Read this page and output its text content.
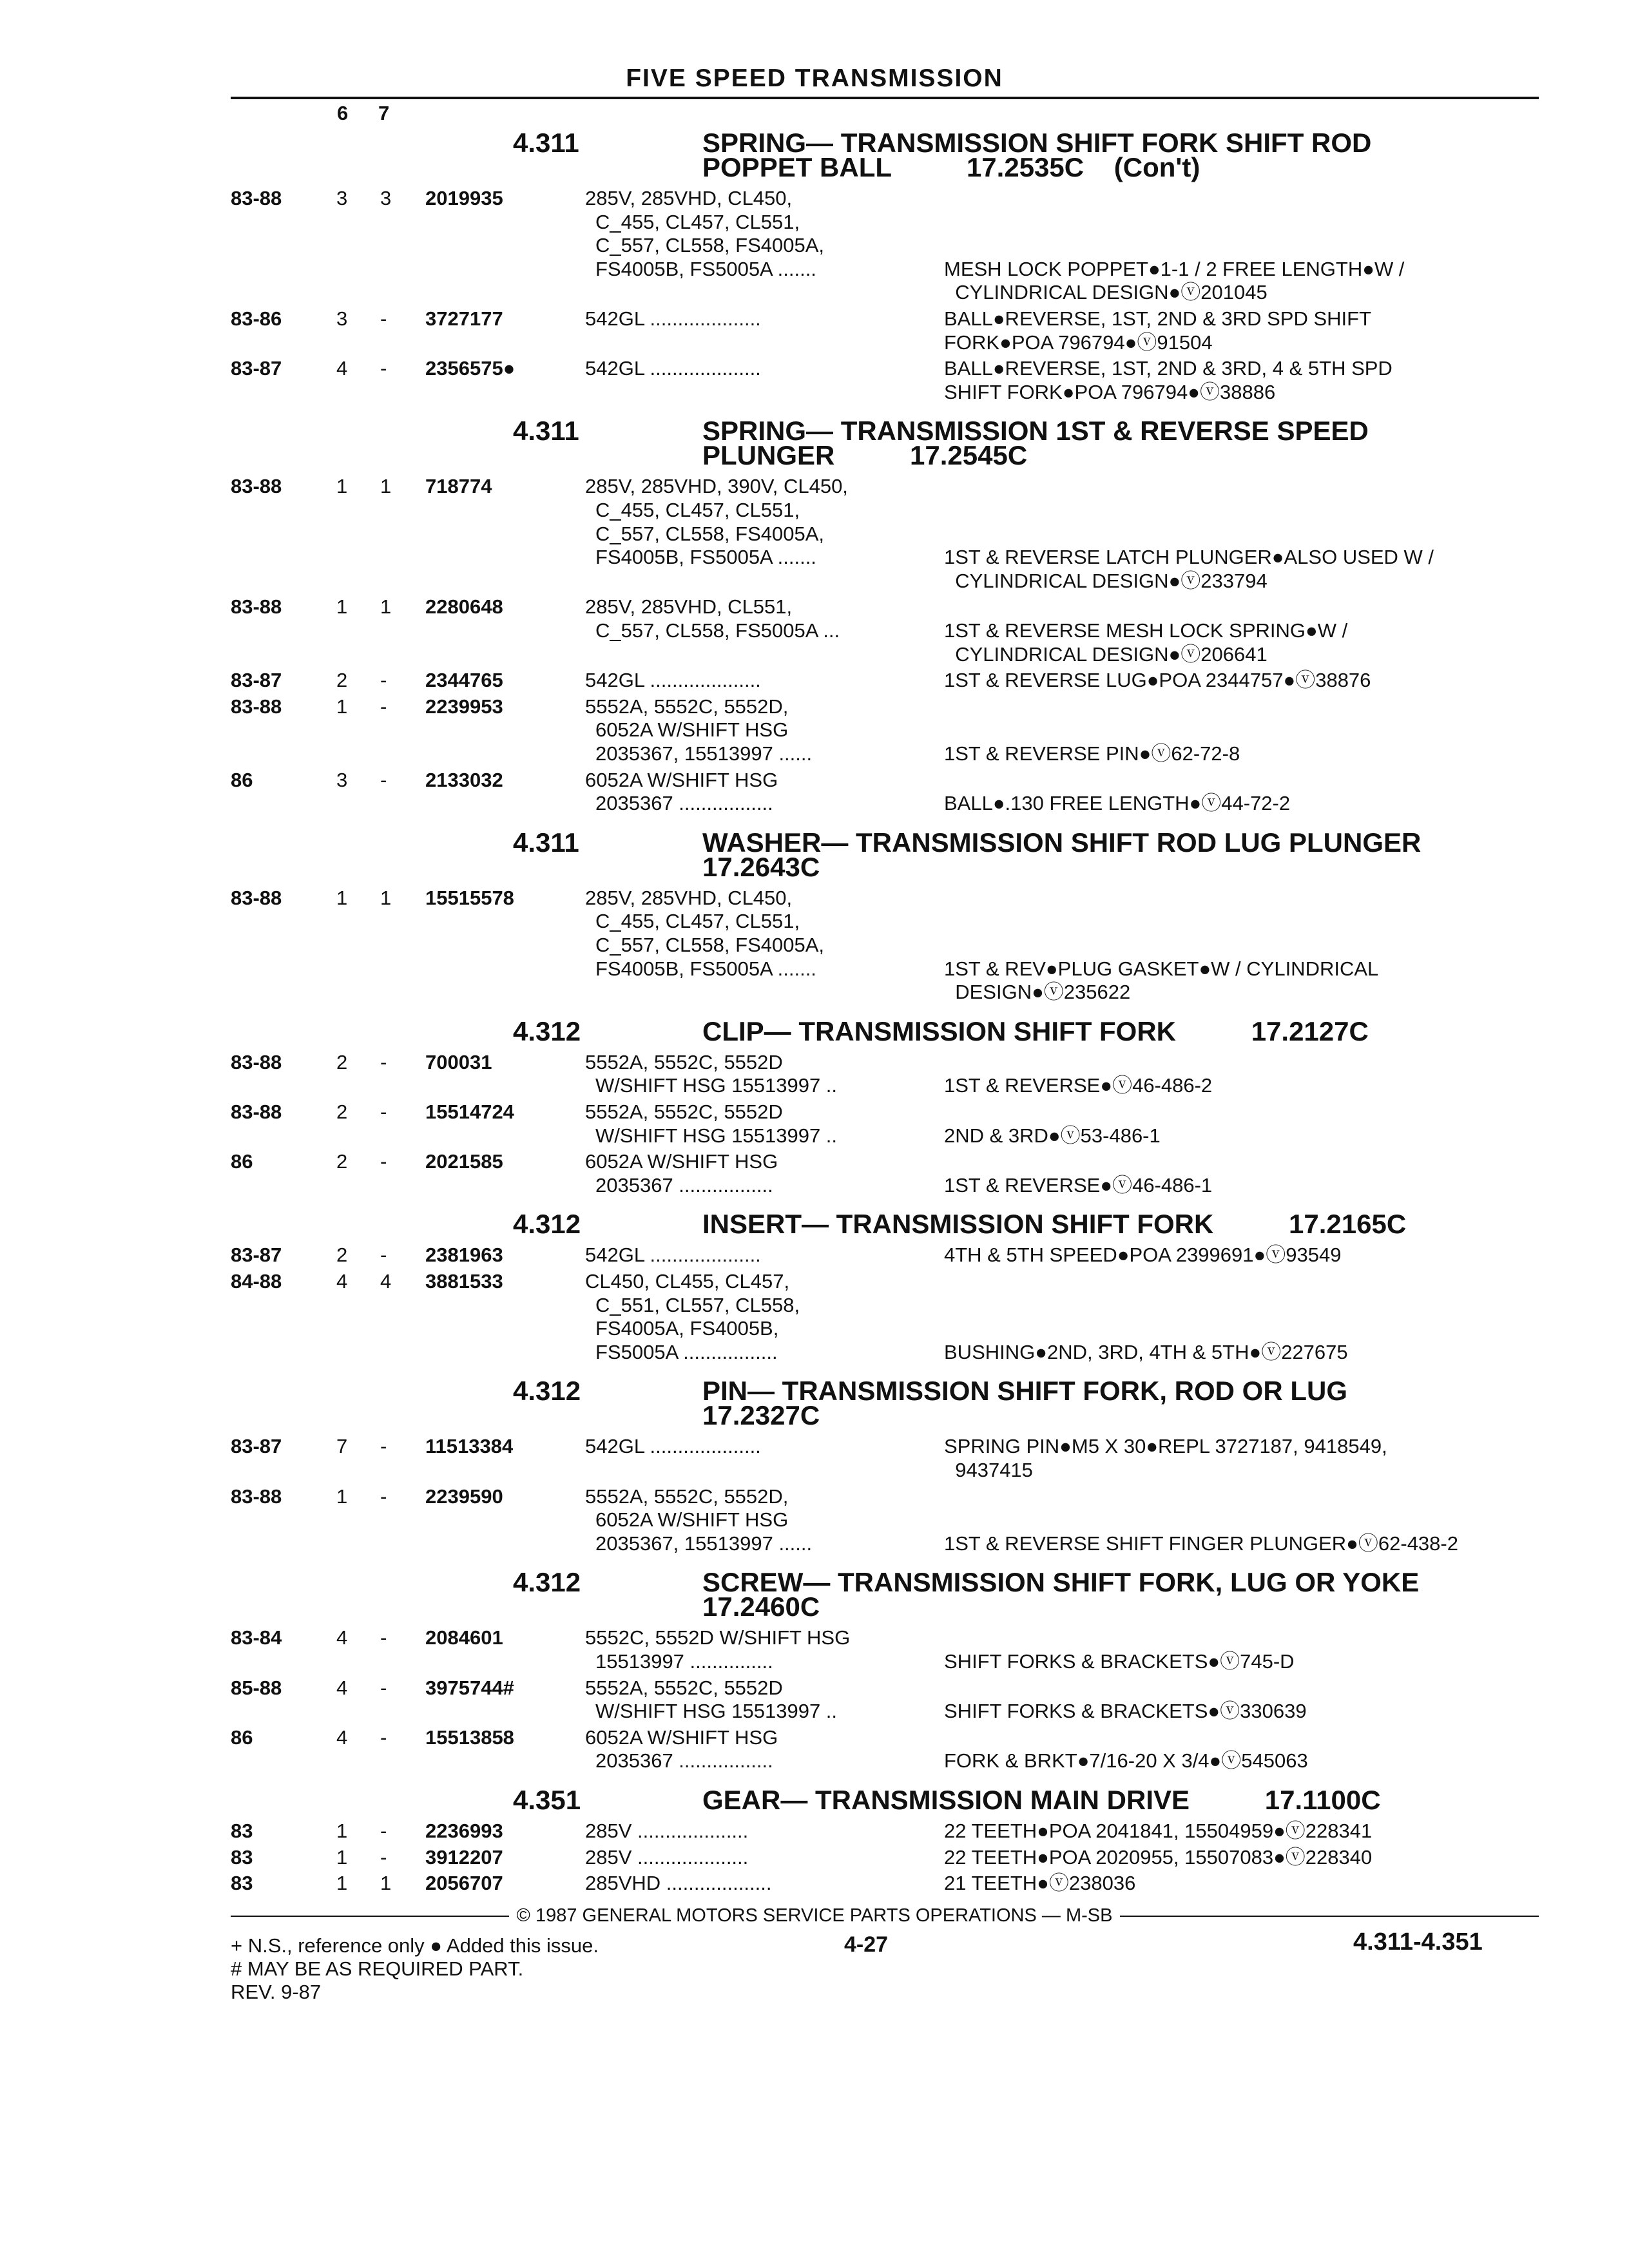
FIVE SPEED TRANSMISSION
6 7
4.311	SPRING— TRANSMISSION SHIFT FORK SHIFT ROD
POPPET BALL          17.2535C    (Con't)
83-88	3 3 2019935	285V, 285VHD, CL450,
C_455, CL457, CL551,
C_557, CL558, FS4005A,
FS4005B, FS5005A .......	MESH LOCK POPPET●1-1 / 2 FREE LENGTH●W /
CYLINDRICAL DESIGN●ⓥ201045
83-86	3 - 3727177	542GL ....................	BALL●REVERSE, 1ST, 2ND & 3RD SPD SHIFT
FORK●POA 796794●ⓥ91504
83-87	4 - 2356575●	542GL ....................	BALL●REVERSE, 1ST, 2ND & 3RD, 4 & 5TH SPD
SHIFT FORK●POA 796794●ⓥ38886
4.311	SPRING— TRANSMISSION 1ST & REVERSE SPEED
PLUNGER          17.2545C
83-88	1 1 718774	285V, 285VHD, 390V, CL450,
C_455, CL457, CL551,
C_557, CL558, FS4005A,
FS4005B, FS5005A .......	1ST & REVERSE LATCH PLUNGER●ALSO USED W /
CYLINDRICAL DESIGN●ⓥ233794
83-88	1 1 2280648	285V, 285VHD, CL551,
C_557, CL558, FS5005A ...	1ST & REVERSE MESH LOCK SPRING●W /
CYLINDRICAL DESIGN●ⓥ206641
83-87	2 - 2344765	542GL ....................	1ST & REVERSE LUG●POA 2344757●ⓥ38876
83-88	1 - 2239953	5552A, 5552C, 5552D,
6052A W/SHIFT HSG
2035367, 15513997 ......	1ST & REVERSE PIN●ⓥ62-72-8
86	3 - 2133032	6052A W/SHIFT HSG
2035367 .................	BALL●.130 FREE LENGTH●ⓥ44-72-2
4.311	WASHER— TRANSMISSION SHIFT ROD LUG PLUNGER
17.2643C
83-88	1 1 15515578	285V, 285VHD, CL450,
C_455, CL457, CL551,
C_557, CL558, FS4005A,
FS4005B, FS5005A .......	1ST & REV●PLUG GASKET●W / CYLINDRICAL
DESIGN●ⓥ235622
4.312	CLIP— TRANSMISSION SHIFT FORK          17.2127C
83-88	2 - 700031	5552A, 5552C, 5552D
W/SHIFT HSG 15513997 ..	1ST & REVERSE●ⓥ46-486-2
83-88	2 - 15514724	5552A, 5552C, 5552D
W/SHIFT HSG 15513997 ..	2ND & 3RD●ⓥ53-486-1
86	2 - 2021585	6052A W/SHIFT HSG
2035367 .................	1ST & REVERSE●ⓥ46-486-1
4.312	INSERT— TRANSMISSION SHIFT FORK          17.2165C
83-87	2 - 2381963	542GL ....................	4TH & 5TH SPEED●POA 2399691●ⓥ93549
84-88	4 4 3881533	CL450, CL455, CL457,
C_551, CL557, CL558,
FS4005A, FS4005B,
FS5005A .................	BUSHING●2ND, 3RD, 4TH & 5TH●ⓥ227675
4.312	PIN— TRANSMISSION SHIFT FORK, ROD OR LUG
17.2327C
83-87	7 - 11513384	542GL ....................	SPRING PIN●M5 X 30●REPL 3727187, 9418549,
9437415
83-88	1 - 2239590	5552A, 5552C, 5552D,
6052A W/SHIFT HSG
2035367, 15513997 ......	1ST & REVERSE SHIFT FINGER PLUNGER●ⓥ62-438-2
4.312	SCREW— TRANSMISSION SHIFT FORK, LUG OR YOKE
17.2460C
83-84	4 - 2084601	5552C, 5552D W/SHIFT HSG
15513997 ...............	SHIFT FORKS & BRACKETS●ⓥ745-D
85-88	4 - 3975744#	5552A, 5552C, 5552D
W/SHIFT HSG 15513997 ..	SHIFT FORKS & BRACKETS●ⓥ330639
86	4 - 15513858	6052A W/SHIFT HSG
2035367 .................	FORK & BRKT●7/16-20 X 3/4●ⓥ545063
4.351	GEAR— TRANSMISSION MAIN DRIVE          17.1100C
83	1 - 2236993	285V ....................	22 TEETH●POA 2041841, 15504959●ⓥ228341
83	1 - 3912207	285V ....................	22 TEETH●POA 2020955, 15507083●ⓥ228340
83	1 1 2056707	285VHD ...................	21 TEETH●ⓥ238036
© 1987 GENERAL MOTORS SERVICE PARTS OPERATIONS — M-SB
+ N.S., reference only ● Added this issue.
# MAY BE AS REQUIRED PART.
REV. 9-87
4-27	4.311-4.351
